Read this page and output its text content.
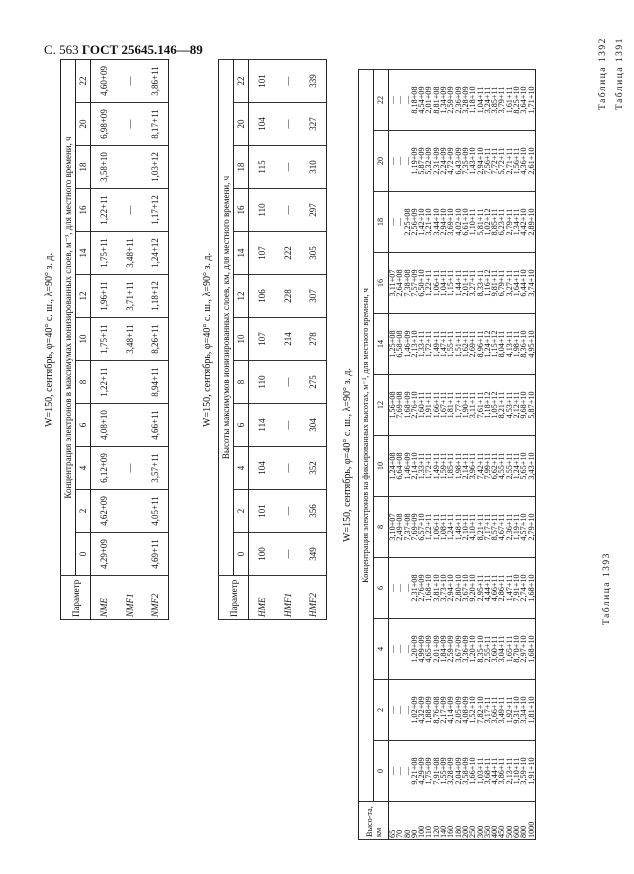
С. 563 ГОСТ 25645.146—89	Таблица 1391
W=150, сентябрь, φ=40° с. ш., λ=90° з. д.
Параметр	Концентрация электронов в максимумах ионизированных слоев, м⁻³, для местного времени, ч											
	0	2	4	6	8	10	12	14	16	18	20	22
NME	4,29+09	4,62+09	6,12+09	4,08+10	1,22+11	1,75+11	1,96+11	1,75+11	1,22+11	3,58+10	6,98+09	4,60+09
NMF1			—			3,48+11	3,71+11	3,48+11	—		—	—
NMF2	4,69+11	4,05+11	3,57+11	4,66+11	8,94+11	8,26+11	1,18+12	1,24+12	1,17+12	1,03+12	8,17+11	3,86+11	Таблица 1392
W=150, сентябрь, φ=40° с. ш., λ=90° з. д.
Параметр	Высоты максимумов ионизированных слоев, км, для местного времени, ч											
	0	2	4	6	8	10	12	14	16	18	20	22
HME	100	101	104	114	110	107	106	107	110	115	104	101
HMF1	—	—	—	—	—	214	228	222	—	—	—	—
HMF2	349	356	352	304	275	278	307	305	297	310	327	339
Таблица 1393
W=150, сентябрь, φ=40° с. ш., λ=90° з. д.
Высо-та, км	Концентрация электронов на фиксированных высотах, м⁻³, для местного времени, ч											
	0	2	4	6	8	10	12	14	16	18	20	22
65	—	—	—	—	3,10+07	1,24+08	1,56+08	1,25+08	3,11+07	—	—	—
70	—	—	—	—	2,49+08	6,64+08	7,69+08	6,58+08	2,64+08	—	—	—
80	—	—	—	—	7,37+08	1,46+09	1,68+09	1,46+09	7,38+08	2,25+08	—	—
90	9,21+08	1,02+09	1,20+09	2,31+08	7,69+09	2,14+10	2,76+10	2,13+10	7,57+09	2,56+09	1,19+09	8,18+08
100	4,29+09	4,32+09	4,99+09	2,76+09	6,57+10	1,33+11	1,60+11	1,33+11	6,50+10	1,42+10	5,87+09	4,54+09
110	1,75+09	1,88+09	4,65+09	1,68+10	1,22+11	1,72+11	1,91+11	1,72+11	1,22+11	3,21+10	5,32+09	2,01+09
120	7,91+08	8,76+08	2,01+09	3,81+10	1,06+11	1,49+11	1,66+11	1,49+11	1,06+11	3,44+10	2,31+09	8,81+08
140	1,55+09	2,17+09	1,84+09	3,73+10	1,08+11	1,59+11	1,67+11	1,47+11	1,04+11	2,94+10	2,24+09	1,34+09
160	3,28+09	4,14+09	2,59+09	2,94+10	1,24+11	1,85+11	1,81+11	1,55+11	1,15+11	3,69+10	4,72+09	2,59+09
180	2,04+09	2,05+09	3,67+09	2,80+10	1,48+11	1,98+11	1,77+11	1,51+11	1,44+11	4,02+10	6,43+09	2,36+09
200	3,58+09	4,08+09	3,36+09	3,67+10	2,10+11	2,14+11	1,90+11	1,62+11	2,01+11	6,61+10	7,35+09	3,28+09
250	1,66+10	1,52+10	1,20+10	9,20+10	4,10+11	3,96+11	3,11+11	2,69+11	3,27+11	1,10+11	1,43+10	1,18+10
300	1,03+11	7,82+10	8,35+10	2,95+11	8,21+11	7,42+11	7,61+11	8,96+11	8,33+11	5,81+11	2,94+10	1,04+11
350	3,68+11	3,17+11	2,55+11	4,44+11	7,17+11	7,99+11	1,18+12	1,24+12	1,16+12	1,02+12	7,56+11	3,24+11
400	4,44+11	3,66+11	3,60+11	4,66+11	8,57+11	6,62+11	1,05+12	1,15+12	9,81+11	8,85+11	7,72+11	3,85+11
450	3,86+11	3,49+11	3,04+11	2,86+11	4,67+11	4,55+11	8,21+11	8,04+11	6,79+11	6,23+11	5,72+11	3,79+11
500	2,13+11	1,92+11	1,65+11	1,47+11	2,36+11	2,55+11	4,53+11	4,13+11	3,27+11	2,79+11	2,71+11	1,61+11
600	1,10+11	9,31+10	8,70+10	7,91+10	1,19+11	1,24+11	2,12+11	1,98+11	1,64+11	1,34+11	1,56+11	8,25+10
800	3,59+10	3,34+10	2,97+10	2,74+10	4,57+10	5,65+10	9,68+10	8,36+10	6,44+10	4,42+10	4,36+10	3,64+10
1000	1,91+10	1,81+10	1,68+10	1,68+10	2,79+10	3,43+10	5,87+10	4,95+10	3,74+10	2,89+10	2,61+10	1,71+10
